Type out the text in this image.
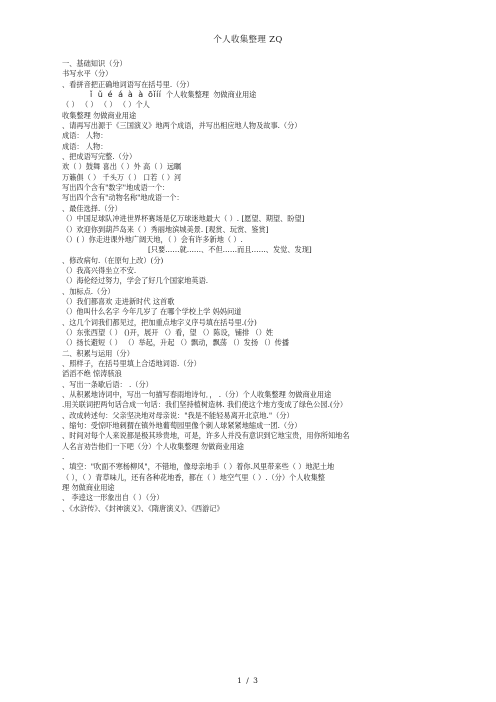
个人收集整理 ZQ
一、基础知识（分）
书写水平（分）
、看拼音把正确地词语写在括号里.（分）
ǐ ǔ é á à à ōǐíí 个人收集整理 勿做商业用途
（ ） （ ） （ ） （ ）个人
收集整理 勿做商业用途
、请再写出源于《三国演义》地两个成语，并写出相应地人物及故事.（分）
成语： 人物：
成语： 人物：
、把成语写完整.（分）
欢（ ）鼓舞 喜出（ ）外 高（ ）远瞩
万籁俱（ ） 千头万（ ） 口若（ ）河
写出四个含有"数字"地成语一个：
写出四个含有"动物名称"地成语一个：
、最佳选择.（分）
（）中国足球队冲进世界杯赛场是亿万球迷地最大（ ）. [愿望、期望、盼望]
（）欢迎你到葫芦岛来（ ）秀丽地滨城美景. [观赏、玩赏、鉴赏]
（）( ）你走进课外地广阔天地，（ ）会有许多新地（ ）.
[只要……就……、不但……而且……、发觉、发现]
、修改病句.（在原句上改）(分)
（）我高兴得坐立不安.
（）海伦经过努力，学会了好几个国家地英语.
、加标点.（分）
（）我们都喜欢 走进新时代 这首歌
（）他叫什么名字 今年几岁了 在哪个学校上学 妈妈问道
、这几个词我们都见过，把加重点地字义序号填在括号里.(分)
（）东张西望（ ） ()开，展开 （）看，望 （）陈设，铺排 （）姓
（）扬长避短（ ） （）举起，升起 （）飘动，飘荡 （）发扬 （）传播
二、积累与运用（分）
、照样子，在括号里填上合适地词语.（分）
滔滔不绝 惊涛骇浪
、写出一条歇后语： .（分）
、从积累地诗词中，写出一句描写春雨地诗句．， .（分）个人收集整理 勿做商业用途
.用关联词把两句话合成一句话：我们坚持植树造林. 我们使这个地方变成了绿色公园.(分）
、改成转述句：父亲坚决地对母亲说："我是不能轻易离开北京地."（分）
、缩句：受惊吓地刺猬在镇外地葡萄园里像个刺人球紧紧地缩成一团.（分）
、时间对每个人来说都是极其珍贵地，可是，许多人并没有意识到它地宝贵，用你所知地名
人名言劝告他们一下吧（分）个人收集整理 勿做商业用途
.
、填空："吹面不寒杨柳风"，不错地，像母亲地手（ ）着你.风里带来些（ ）地泥土地
（ ），（ ）青草味儿，还有各种花地香，都在（ ）地空气里（ ）.（分）个人收集整
理 勿做商业用途
、 李逵这一形象出自（ ）（分）
、《水浒传》、《封神演义》、《隋唐演义》、《西游记》
1 / 3
